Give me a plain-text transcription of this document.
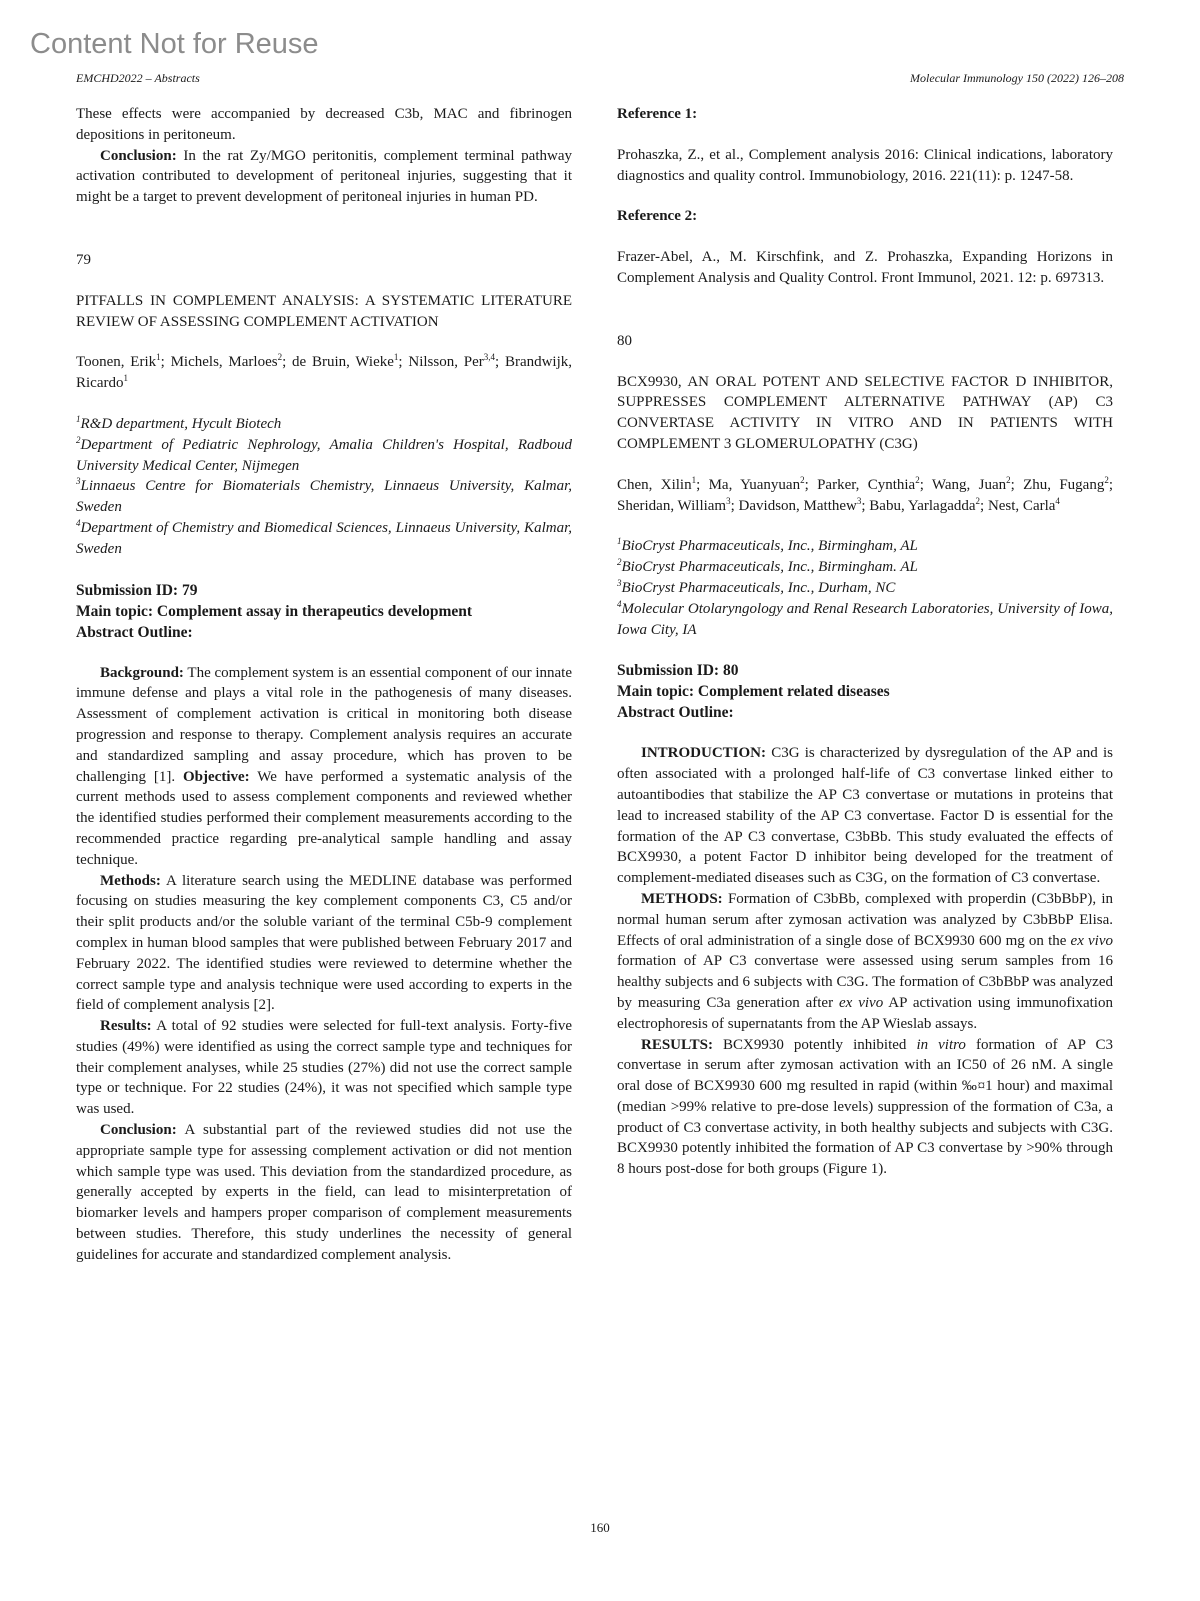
Content Not for Reuse
EMCHD2022 – Abstracts	Molecular Immunology 150 (2022) 126–208

These effects were accompanied by decreased C3b, MAC and fibrinogen depositions in peritoneum.

Conclusion: In the rat Zy/MGO peritonitis, complement terminal pathway activation contributed to development of peritoneal injuries, suggesting that it might be a target to prevent development of peritoneal injuries in human PD.

79

PITFALLS IN COMPLEMENT ANALYSIS: A SYSTEMATIC LITERATURE REVIEW OF ASSESSING COMPLEMENT ACTIVATION

Toonen, Erik$^1$; Michels, Marloes$^2$; de Bruin, Wieke$^1$; Nilsson, Per$^{3,4}$; Brandwijk, Ricardo$^1$

$^1$R&D department, Hycult Biotech

$^2$Department of Pediatric Nephrology, Amalia Children's Hospital, Radboud University Medical Center, Nijmegen

$^3$Linnaeus Centre for Biomaterials Chemistry, Linnaeus University, Kalmar, Sweden

$^4$Department of Chemistry and Biomedical Sciences, Linnaeus University, Kalmar, Sweden

Submission ID: 79
Main topic: Complement assay in therapeutics development
Abstract Outline:

Background: The complement system is an essential component of our innate immune defense and plays a vital role in the pathogenesis of many diseases. Assessment of complement activation is critical in monitoring both disease progression and response to therapy. Complement analysis requires an accurate and standardized sampling and assay procedure, which has proven to be challenging [1]. Objective: We have performed a systematic analysis of the current methods used to assess complement components and reviewed whether the identified studies performed their complement measurements according to the recommended practice regarding pre-analytical sample handling and assay technique.

Methods: A literature search using the MEDLINE database was performed focusing on studies measuring the key complement components C3, C5 and/or their split products and/or the soluble variant of the terminal C5b-9 complement complex in human blood samples that were published between February 2017 and February 2022. The identified studies were reviewed to determine whether the correct sample type and analysis technique were used according to experts in the field of complement analysis [2].

Results: A total of 92 studies were selected for full-text analysis. Forty-five studies (49%) were identified as using the correct sample type and techniques for their complement analyses, while 25 studies (27%) did not use the correct sample type or technique. For 22 studies (24%), it was not specified which sample type was used.

Conclusion: A substantial part of the reviewed studies did not use the appropriate sample type for assessing complement activation or did not mention which sample type was used. This deviation from the standardized procedure, as generally accepted by experts in the field, can lead to misinterpretation of biomarker levels and hampers proper comparison of complement measurements between studies. Therefore, this study underlines the necessity of general guidelines for accurate and standardized complement analysis.

Reference 1:

Prohaszka, Z., et al., Complement analysis 2016: Clinical indications, laboratory diagnostics and quality control. Immunobiology, 2016. 221(11): p. 1247-58.

Reference 2:

Frazer-Abel, A., M. Kirschfink, and Z. Prohaszka, Expanding Horizons in Complement Analysis and Quality Control. Front Immunol, 2021. 12: p. 697313.

80

BCX9930, AN ORAL POTENT AND SELECTIVE FACTOR D INHIBITOR, SUPPRESSES COMPLEMENT ALTERNATIVE PATHWAY (AP) C3 CONVERTASE ACTIVITY IN VITRO AND IN PATIENTS WITH COMPLEMENT 3 GLOMERULOPATHY (C3G)

Chen, Xilin$^1$; Ma, Yuanyuan$^2$; Parker, Cynthia$^2$; Wang, Juan$^2$; Zhu, Fugang$^2$; Sheridan, William$^3$; Davidson, Matthew$^3$; Babu, Yarlagadda$^2$; Nest, Carla$^4$

$^1$BioCryst Pharmaceuticals, Inc., Birmingham, AL

$^2$BioCryst Pharmaceuticals, Inc., Birmingham. AL

$^3$BioCryst Pharmaceuticals, Inc., Durham, NC

$^4$Molecular Otolaryngology and Renal Research Laboratories, University of Iowa, Iowa City, IA

Submission ID: 80
Main topic: Complement related diseases
Abstract Outline:

INTRODUCTION: C3G is characterized by dysregulation of the AP and is often associated with a prolonged half-life of C3 convertase linked either to autoantibodies that stabilize the AP C3 convertase or mutations in proteins that lead to increased stability of the AP C3 convertase. Factor D is essential for the formation of the AP C3 convertase, C3bBb. This study evaluated the effects of BCX9930, a potent Factor D inhibitor being developed for the treatment of complement-mediated diseases such as C3G, on the formation of C3 convertase.

METHODS: Formation of C3bBb, complexed with properdin (C3bBbP), in normal human serum after zymosan activation was analyzed by C3bBbP Elisa. Effects of oral administration of a single dose of BCX9930 600 mg on the ex vivo formation of AP C3 convertase were assessed using serum samples from 16 healthy subjects and 6 subjects with C3G. The formation of C3bBbP was analyzed by measuring C3a generation after ex vivo AP activation using immunofixation electrophoresis of supernatants from the AP Wieslab assays.

RESULTS: BCX9930 potently inhibited in vitro formation of AP C3 convertase in serum after zymosan activation with an IC50 of 26 nM. A single oral dose of BCX9930 600 mg resulted in rapid (within ‰¤1 hour) and maximal (median >99% relative to pre-dose levels) suppression of the formation of C3a, a product of C3 convertase activity, in both healthy subjects and subjects with C3G. BCX9930 potently inhibited the formation of AP C3 convertase by >90% through 8 hours post-dose for both groups (Figure 1).

160
